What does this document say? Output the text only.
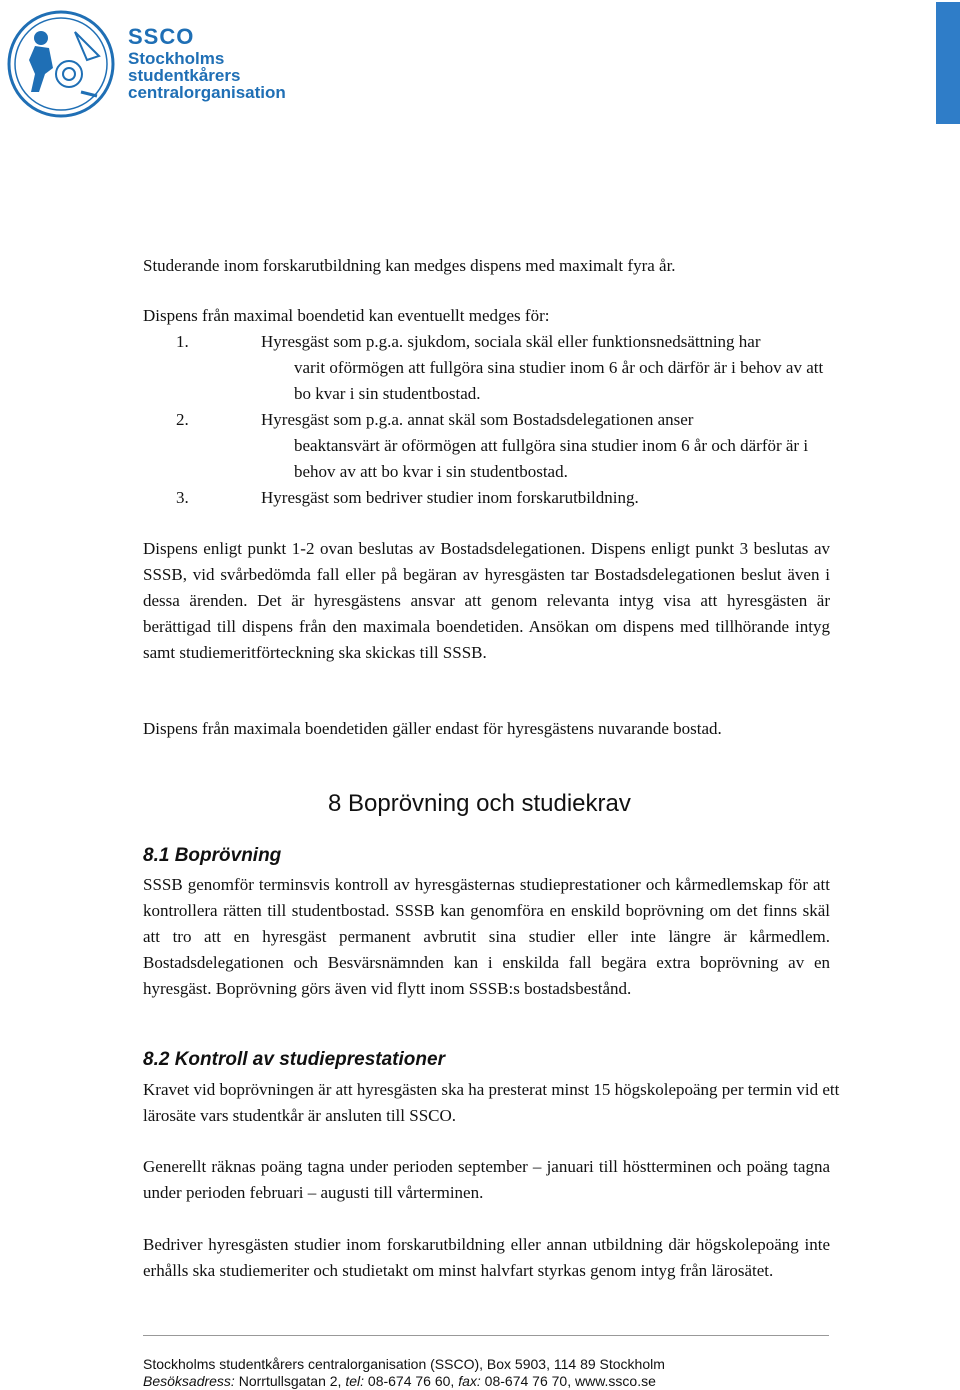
SSCO
Stockholms
studentkårers
centralorganisation

Studerande inom forskarutbildning kan medges dispens med maximalt fyra år.

Dispens från maximal boendetid kan eventuellt medges för:

1.	Hyresgäst som p.g.a. sjukdom, sociala skäl eller funktionsnedsättning har

varit oförmögen att fullgöra sina studier inom 6 år och därför är i behov av att bo kvar i sin studentbostad.

2.	Hyresgäst som p.g.a. annat skäl som Bostadsdelegationen anser

beaktansvärt är oförmögen att fullgöra sina studier inom 6 år och därför är i behov av att bo kvar i sin studentbostad.

3.	Hyresgäst som bedriver studier inom forskarutbildning.

Dispens enligt punkt 1-2 ovan beslutas av Bostadsdelegationen. Dispens enligt punkt 3 beslutas av SSSB, vid svårbedömda fall eller på begäran av hyresgästen tar Bostadsdelegationen beslut även i dessa ärenden. Det är hyresgästens ansvar att genom relevanta intyg visa att hyresgästen är berättigad till dispens från den maximala boendetiden. Ansökan om dispens med tillhörande intyg samt studiemeritförteckning ska skickas till SSSB.

Dispens från maximala boendetiden gäller endast för hyresgästens nuvarande bostad.

8 Boprövning och studiekrav
8.1 Boprövning

SSSB genomför terminsvis kontroll av hyresgästernas studieprestationer och kårmedlemskap för att kontrollera rätten till studentbostad. SSSB kan genomföra en enskild boprövning om det finns skäl att tro att en hyresgäst permanent avbrutit sina studier eller inte längre är kårmedlem. Bostadsdelegationen och Besvärsnämnden kan i enskilda fall begära extra boprövning av en hyresgäst. Boprövning görs även vid flytt inom SSSB:s bostadsbestånd.

8.2 Kontroll av studieprestationer

Kravet vid boprövningen är att hyresgästen ska ha presterat minst 15 högskolepoäng per termin vid ett lärosäte vars studentkår är ansluten till SSCO.

Generellt räknas poäng tagna under perioden september – januari till höstterminen och poäng tagna under perioden februari – augusti till vårterminen.

Bedriver hyresgästen studier inom forskarutbildning eller annan utbildning där högskolepoäng inte erhålls ska studiemeriter och studietakt om minst halvfart styrkas genom intyg från lärosätet.

Stockholms studentkårers centralorganisation (SSCO), Box 5903, 114 89 Stockholm
Besöksadress: Norrtullsgatan 2, tel: 08-674 76 60, fax: 08-674 76 70, www.ssco.se
